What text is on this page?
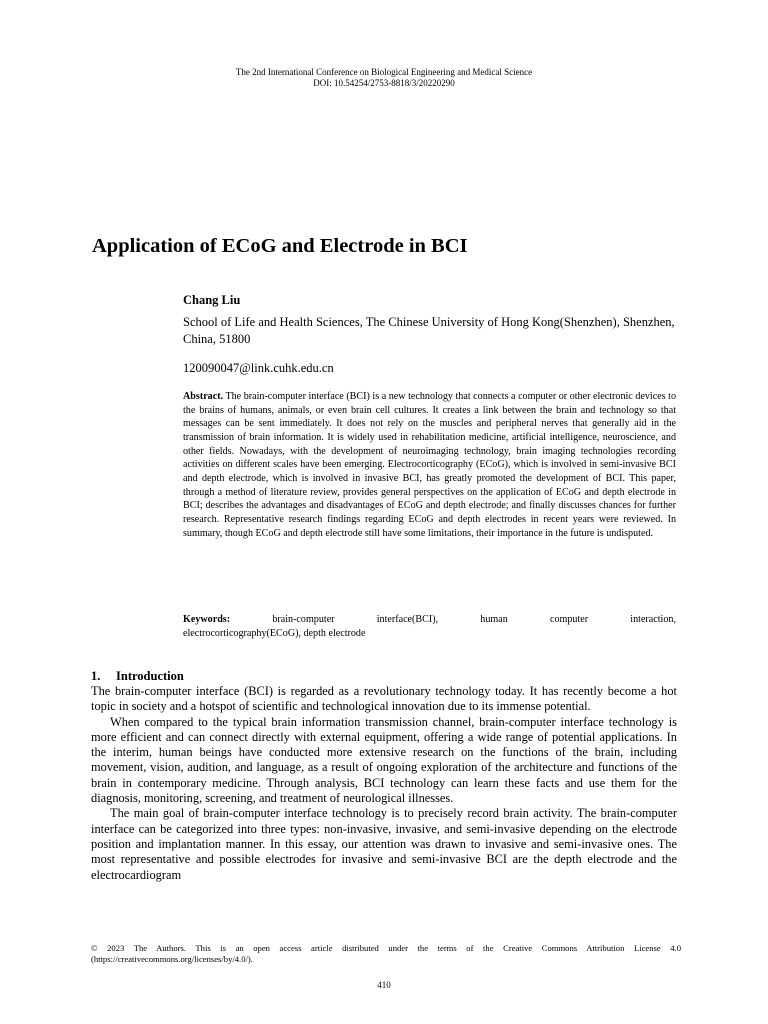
The 2nd International Conference on Biological Engineering and Medical Science
DOI: 10.54254/2753-8818/3/20220290
Application of ECoG and Electrode in BCI
Chang Liu
School of Life and Health Sciences, The Chinese University of Hong Kong(Shenzhen), Shenzhen, China, 51800
120090047@link.cuhk.edu.cn
Abstract. The brain-computer interface (BCI) is a new technology that connects a computer or other electronic devices to the brains of humans, animals, or even brain cell cultures. It creates a link between the brain and technology so that messages can be sent immediately. It does not rely on the muscles and peripheral nerves that generally aid in the transmission of brain information. It is widely used in rehabilitation medicine, artificial intelligence, neuroscience, and other fields. Nowadays, with the development of neuroimaging technology, brain imaging technologies recording activities on different scales have been emerging. Electrocorticography (ECoG), which is involved in semi-invasive BCI and depth electrode, which is involved in invasive BCI, has greatly promoted the development of BCI. This paper, through a method of literature review, provides general perspectives on the application of ECoG and depth electrode in BCI; describes the advantages and disadvantages of ECoG and depth electrode; and finally discusses chances for further research. Representative research findings regarding ECoG and depth electrodes in recent years were reviewed. In summary, though ECoG and depth electrode still have some limitations, their importance in the future is undisputed.
Keywords:	brain-computer interface(BCI), human computer interaction,
electrocorticography(ECoG), depth electrode
1. Introduction

The brain-computer interface (BCI) is regarded as a revolutionary technology today. It has recently become a hot topic in society and a hotspot of scientific and technological innovation due to its immense potential.

When compared to the typical brain information transmission channel, brain-computer interface technology is more efficient and can connect directly with external equipment, offering a wide range of potential applications. In the interim, human beings have conducted more extensive research on the functions of the brain, including movement, vision, audition, and language, as a result of ongoing exploration of the architecture and functions of the brain in contemporary medicine. Through analysis, BCI technology can learn these facts and use them for the diagnosis, monitoring, screening, and treatment of neurological illnesses.

The main goal of brain-computer interface technology is to precisely record brain activity. The brain-computer interface can be categorized into three types: non-invasive, invasive, and semi-invasive depending on the electrode position and implantation manner. In this essay, our attention was drawn to invasive and semi-invasive ones. The most representative and possible electrodes for invasive and semi-invasive BCI are the depth electrode and the electrocardiogram

© 2023 The Authors. This is an open access article distributed under the terms of the Creative Commons Attribution License 4.0 (https://creativecommons.org/licenses/by/4.0/).
410
